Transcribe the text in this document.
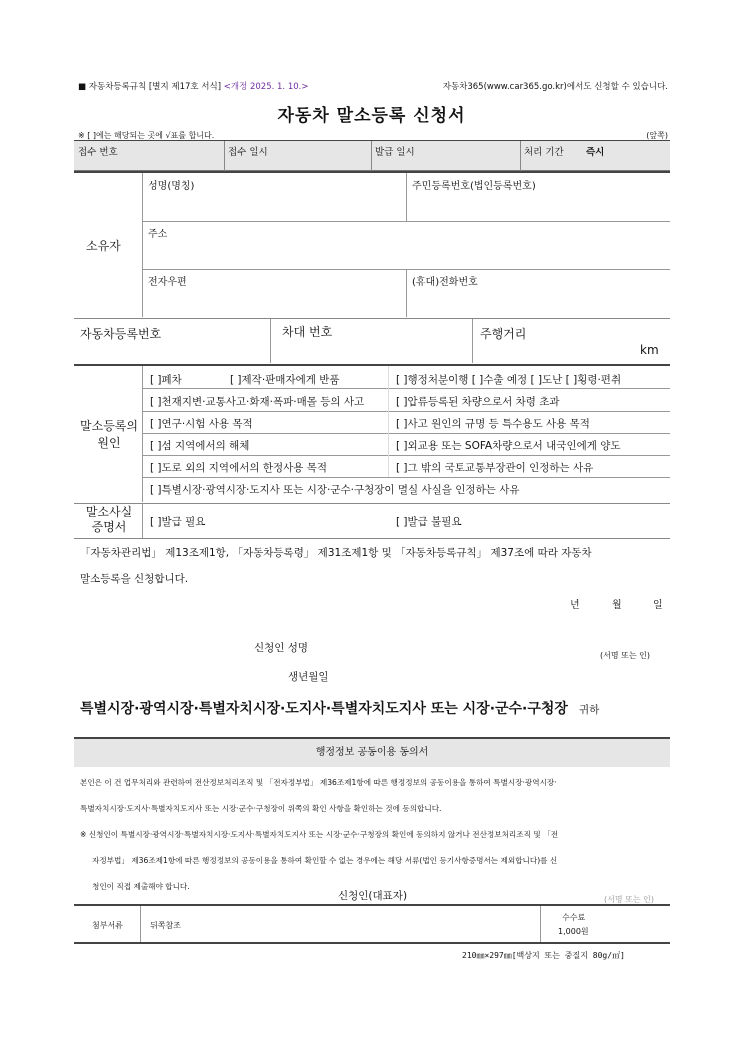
■ 자동차등록규칙 [별지 제17호 서식] <개정 2025. 1. 10.>	자동차365(www.car365.go.kr)에서도 신청할 수 있습니다.
자동차 말소등록 신청서
※ [ ]에는 해당되는 곳에 √표를 합니다.	(앞쪽)
접수 번호	접수 일시	발급 일시	처리 기간 즉시
소유자
성명(명칭)	주민등록번호(법인등록번호)
주소
전자우편	(휴대)전화번호
자동차등록번호	차대 번호	주행거리
km
말소등록의
원인
[ ]폐차	[ ]제작·판매자에게 반품	[ ]행정처분이행 [ ]수출 예정 [ ]도난 [ ]횡령·편취
[ ]천재지변·교통사고·화재·폭파·매몰 등의 사고	[ ]압류등록된 차량으로서 차령 초과
[ ]연구·시험 사용 목적	[ ]사고 원인의 규명 등 특수용도 사용 목적
[ ]섬 지역에서의 해체	[ ]외교용 또는 SOFA차량으로서 내국인에게 양도
[ ]도로 외의 지역에서의 한정사용 목적	[ ]그 밖의 국토교통부장관이 인정하는 사유
[ ]특별시장·광역시장·도지사 또는 시장·군수·구청장이 멸실 사실을 인정하는 사유
말소사실
증명서	[ ]발급 필요	[ ]발급 불필요
「자동차관리법」 제13조제1항, 「자동차등록령」 제31조제1항 및 「자동차등록규칙」 제37조에 따라 자동차
말소등록을 신청합니다.
년	월	일
신청인 성명
(서명 또는 인)
생년월일
특별시장·광역시장·특별자치시장·도지사·특별자치도지사 또는 시장·군수·구청장 귀하
행정정보 공동이용 동의서
본인은 이 건 업무처리와 관련하여 전산정보처리조직 및 「전자정부법」 제36조제1항에 따른 행정정보의 공동이용을 통하여 특별시장·광역시장·
특별자치시장·도지사·특별자치도지사 또는 시장·군수·구청장이 위쪽의 확인 사항을 확인하는 것에 동의합니다.
※ 신청인이 특별시장·광역시장·특별자치시장·도지사·특별자치도지사 또는 시장·군수·구청장의 확인에 동의하지 않거나 전산정보처리조직 및 「전
자정부법」 제36조제1항에 따른 행정정보의 공동이용을 통하여 확인할 수 없는 경우에는 해당 서류(법인 등기사항증명서는 제외합니다)를 신
청인이 직접 제출해야 합니다.
신청인(대표자)	(서명 또는 인)
첨부서류	뒤쪽참조
수수료
1,000원
210㎜×297㎜[백상지 또는 중질지 80g/㎡]
